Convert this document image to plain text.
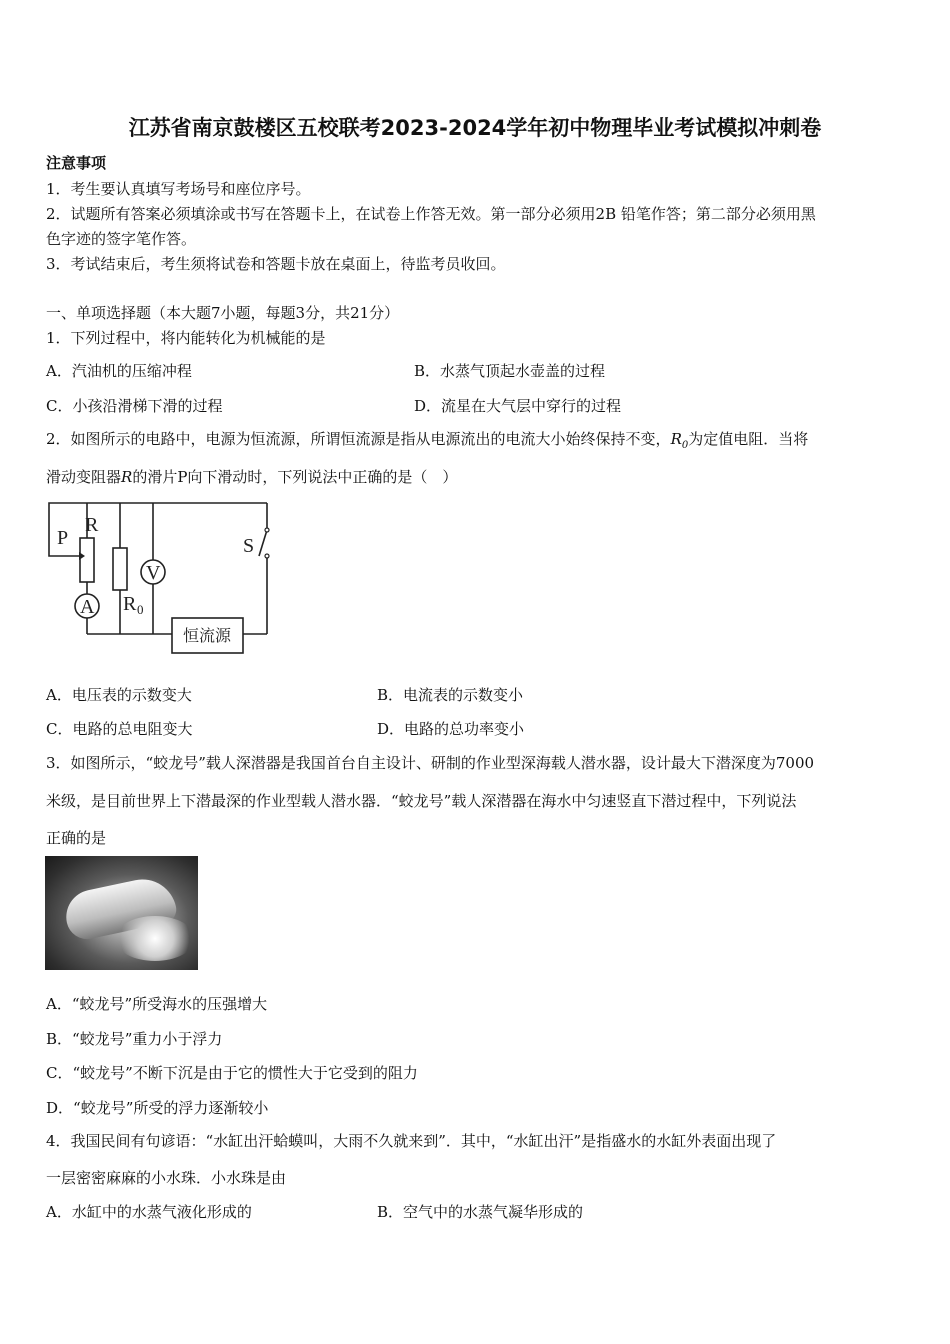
江苏省南京鼓楼区五校联考2023-2024学年初中物理毕业考试模拟冲刺卷
注意事项
1．考生要认真填写考场号和座位序号。
2．试题所有答案必须填涂或书写在答题卡上，在试卷上作答无效。第一部分必须用2B 铅笔作答；第二部分必须用黑
色字迹的签字笔作答。
3．考试结束后，考生须将试卷和答题卡放在桌面上，待监考员收回。
一、单项选择题（本大题7小题，每题3分，共21分）
1．下列过程中，将内能转化为机械能的是
A．汽油机的压缩冲程	B．水蒸气顶起水壶盖的过程
C．小孩沿滑梯下滑的过程	D．流星在大气层中穿行的过程
2．如图所示的电路中，电源为恒流源，所谓恒流源是指从电源流出的电流大小始终保持不变，$R_0$为定值电阻．当将
滑动变阻器R的滑片P向下滑动时，下列说法中正确的是（　）
P
R
S
V
A R 0
恒流源
A．电压表的示数变大	B．电流表的示数变小
C．电路的总电阻变大	D．电路的总功率变小
3．如图所示，“蛟龙号”载人深潜器是我国首台自主设计、研制的作业型深海载人潜水器，设计最大下潜深度为7000
米级，是目前世界上下潜最深的作业型载人潜水器．“蛟龙号”载人深潜器在海水中匀速竖直下潜过程中，下列说法
正确的是
A．“蛟龙号”所受海水的压强增大
B．“蛟龙号”重力小于浮力
C．“蛟龙号”不断下沉是由于它的惯性大于它受到的阻力
D．“蛟龙号”所受的浮力逐渐较小
4．我国民间有句谚语：“水缸出汗蛤蟆叫，大雨不久就来到”．其中，“水缸出汗”是指盛水的水缸外表面出现了
一层密密麻麻的小水珠．小水珠是由
A．水缸中的水蒸气液化形成的	B．空气中的水蒸气凝华形成的
